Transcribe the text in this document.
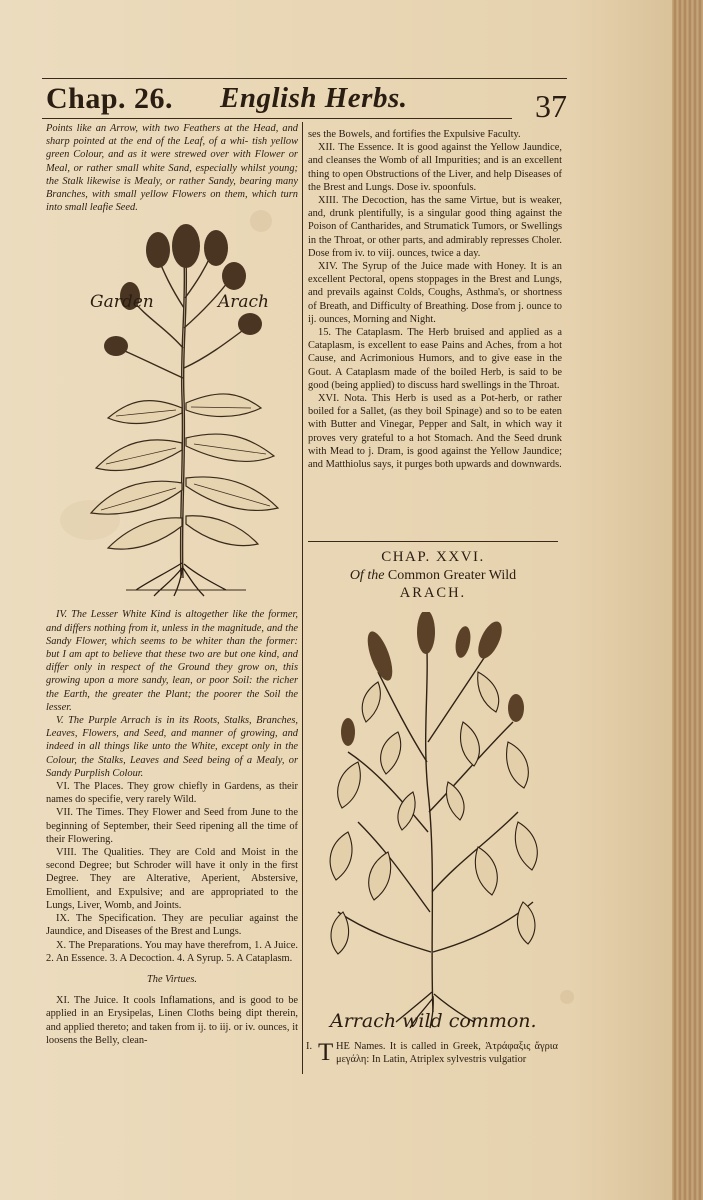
Chap. 26. English Herbs.	37
Points like an Arrow, with two Feathers at the Head, and sharp pointed at the end of the Leaf, of a whi- tish yellow green Colour, and as it were strewed over with Flower or Meal, or rather small white Sand, especially whilst young; the Stalk likewise is Mealy, or rather Sandy, bearing many Branches, with small yellow Flowers on them, which turn into small leafie Seed.
Garden	Arach

IV. The Lesser White Kind is altogether like the former, and differs nothing from it, unless in the magnitude, and the Sandy Flower, which seems to be whiter than the former: but I am apt to believe that these two are but one kind, and differ only in respect of the Ground they grow on, this growing upon a more sandy, lean, or poor Soil: the richer the Earth, the greater the Plant; the poorer the Soil the lesser.

V. The Purple Arrach is in its Roots, Stalks, Branches, Leaves, Flowers, and Seed, and manner of growing, and indeed in all things like unto the White, except only in the Colour, the Stalks, Leaves and Seed being of a Mealy, or Sandy Purplish Colour.

VI. The Places. They grow chiefly in Gardens, as their names do specifie, very rarely Wild.

VII. The Times. They Flower and Seed from June to the beginning of September, their Seed ripening all the time of their Flowering.

VIII. The Qualities. They are Cold and Moist in the second Degree; but Schroder will have it only in the first Degree. They are Alterative, Aperient, Abstersive, Emollient, and Expulsive; and are appropriated to the Lungs, Liver, Womb, and Joints.

IX. The Specification. They are peculiar against the Jaundice, and Diseases of the Brest and Lungs.

X. The Preparations. You may have therefrom, 1. A Juice. 2. An Essence. 3. A Decoction. 4. A Syrup. 5. A Cataplasm.

The Virtues.

XI. The Juice. It cools Inflamations, and is good to be applied in an Erysipelas, Linen Cloths being dipt therein, and applied thereto; and taken from ij. to iij. or iv. ounces, it loosens the Belly, clean-

ses the Bowels, and fortifies the Expulsive Faculty.

XII. The Essence. It is good against the Yellow Jaundice, and cleanses the Womb of all Impurities; and is an excellent thing to open Obstructions of the Liver, and help Diseases of the Brest and Lungs. Dose iv. spoonfuls.

XIII. The Decoction, has the same Virtue, but is weaker, and, drunk plentifully, is a singular good thing against the Poison of Cantharides, and Strumatick Tumors, or Swellings in the Throat, or other parts, and admirably represses Choler. Dose from iv. to viij. ounces, twice a day.

XIV. The Syrup of the Juice made with Honey. It is an excellent Pectoral, opens stoppages in the Brest and Lungs, and prevails against Colds, Coughs, Asthma's, or shortness of Breath, and Difficulty of Breathing. Dose from j. ounce to ij. ounces, Morning and Night.

15. The Cataplasm. The Herb bruised and applied as a Cataplasm, is excellent to ease Pains and Aches, from a hot Cause, and Acrimonious Humors, and to give ease in the Gout. A Cataplasm made of the boiled Herb, is said to be good (being applied) to discuss hard swellings in the Throat.

XVI. Nota. This Herb is used as a Pot-herb, or rather boiled for a Sallet, (as they boil Spinage) and so to be eaten with Butter and Vinegar, Pepper and Salt, in which way it proves very grateful to a hot Stomach. And the Seed drunk with Mead to j. Dram, is good against the Yellow Jaundice; and Matthiolus says, it purges both upwards and downwards.

CHAP. XXVI.
Of the Common Greater Wild
ARACH.
Arrach wild common.
I. T HE Names. It is called in Greek, Ἀτράφαξις ἄγρια μεγάλη: In Latin, Atriplex sylvestris vulgatior
